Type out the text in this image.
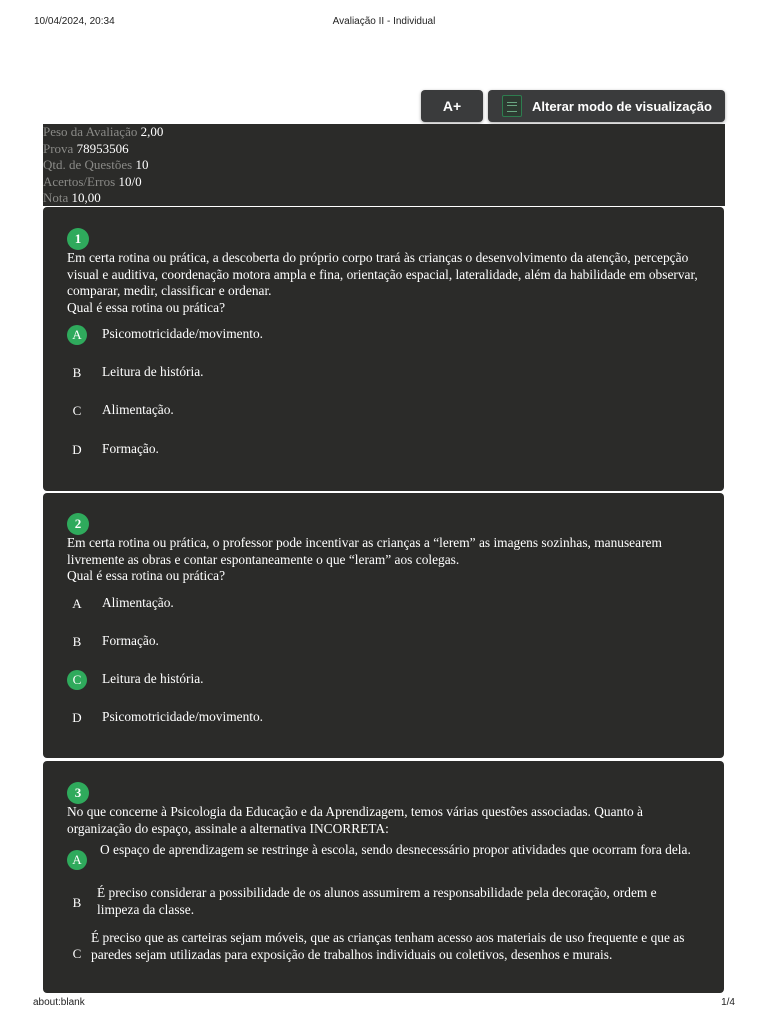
10/04/2024, 20:34	Avaliação II - Individual
A+	Alterar modo de visualização
Peso da Avaliação 2,00
Prova 78953506
Qtd. de Questões 10
Acertos/Erros 10/0
Nota 10,00
1
Em certa rotina ou prática, a descoberta do próprio corpo trará às crianças o desenvolvimento da atenção, percepção visual e auditiva, coordenação motora ampla e fina, orientação espacial, lateralidade, além da habilidade em observar, comparar, medir, classificar e ordenar.
Qual é essa rotina ou prática?
A	Psicomotricidade/movimento.
B	Leitura de história.
C	Alimentação.
D	Formação.
2
Em certa rotina ou prática, o professor pode incentivar as crianças a “lerem” as imagens sozinhas, manusearem livremente as obras e contar espontaneamente o que “leram” aos colegas.
Qual é essa rotina ou prática?
A	Alimentação.
B	Formação.
C	Leitura de história.
D	Psicomotricidade/movimento.
3
No que concerne à Psicologia da Educação e da Aprendizagem, temos várias questões associadas. Quanto à organização do espaço, assinale a alternativa INCORRETA:
A
O espaço de aprendizagem se restringe à escola, sendo desnecessário propor atividades que ocorram fora dela.
B
É preciso considerar a possibilidade de os alunos assumirem a responsabilidade pela decoração, ordem e limpeza da classe.
C
É preciso que as carteiras sejam móveis, que as crianças tenham acesso aos materiais de uso frequente e que as paredes sejam utilizadas para exposição de trabalhos individuais ou coletivos, desenhos e murais.
about:blank	1/4
